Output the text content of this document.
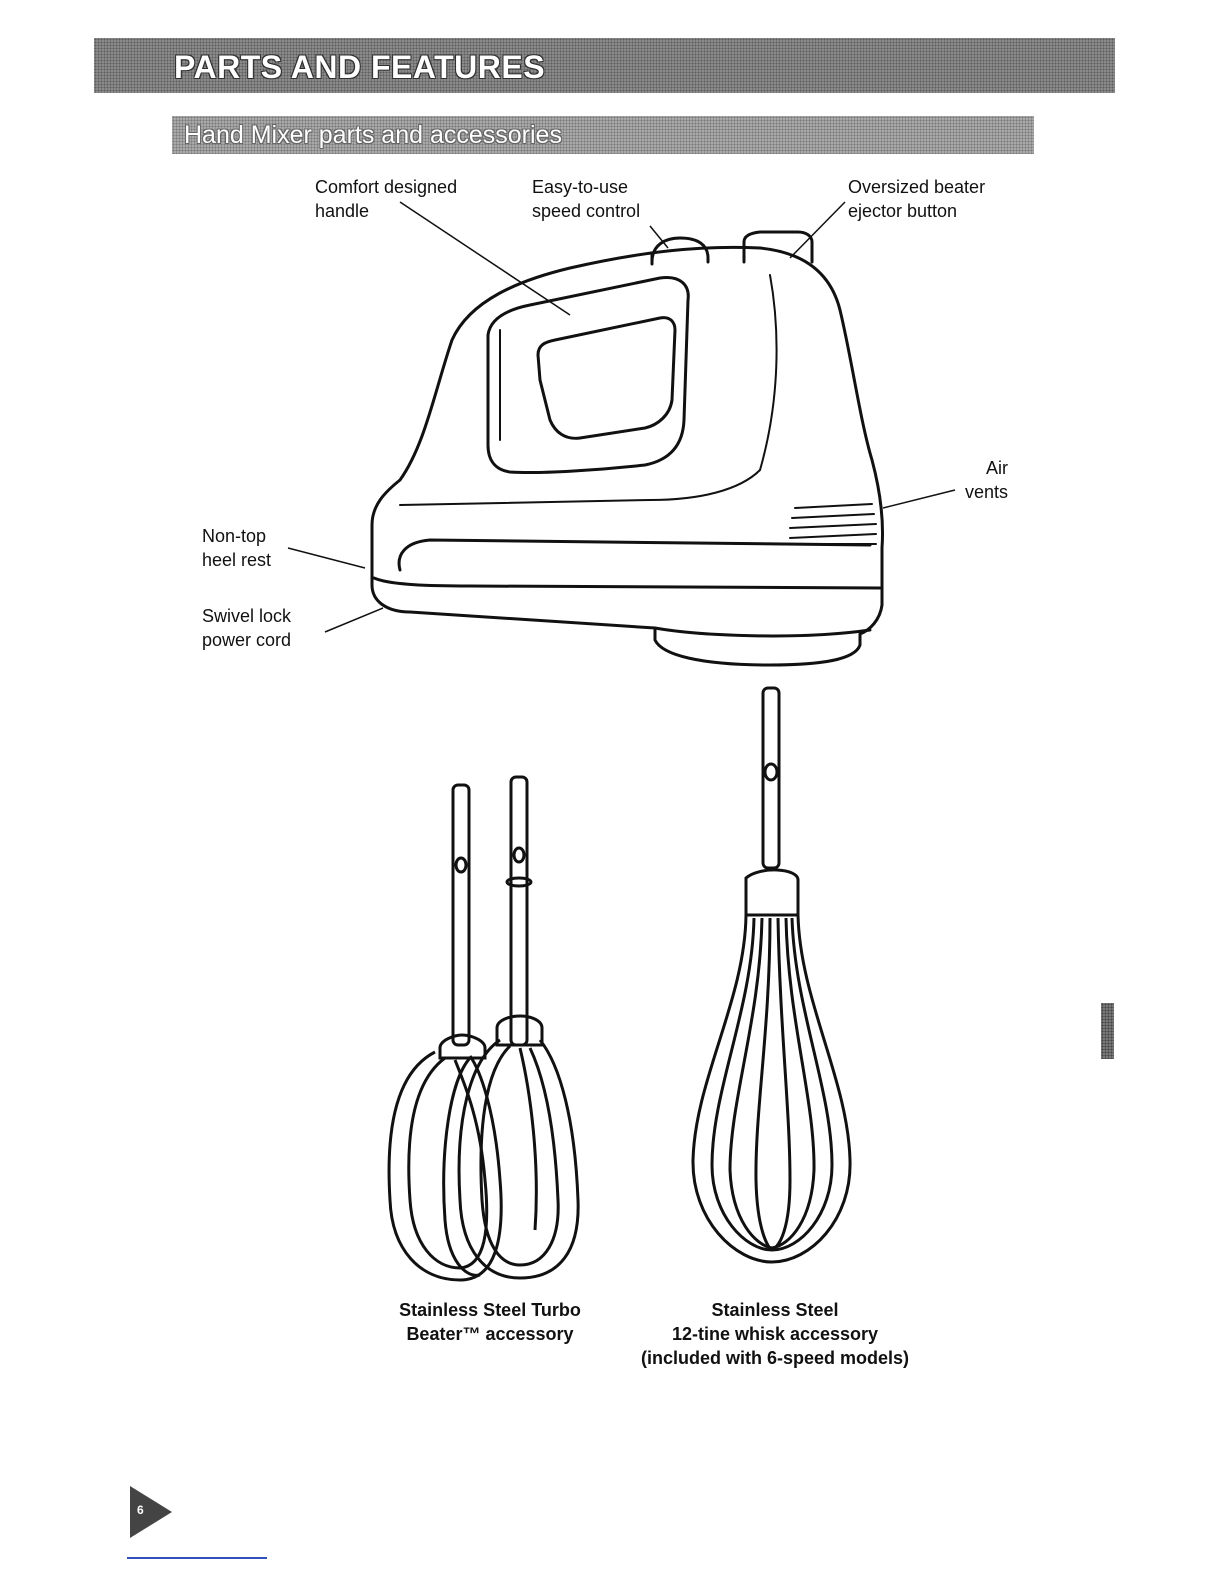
PARTS AND FEATURES
Hand Mixer parts and accessories
Comfort designed
handle
Easy-to-use
speed control
Oversized beater
ejector button
Air
vents
Non-top
heel rest
Swivel lock
power cord
Stainless Steel Turbo
Beater™ accessory
Stainless Steel
12-tine whisk accessory
(included with 6-speed models)
6
